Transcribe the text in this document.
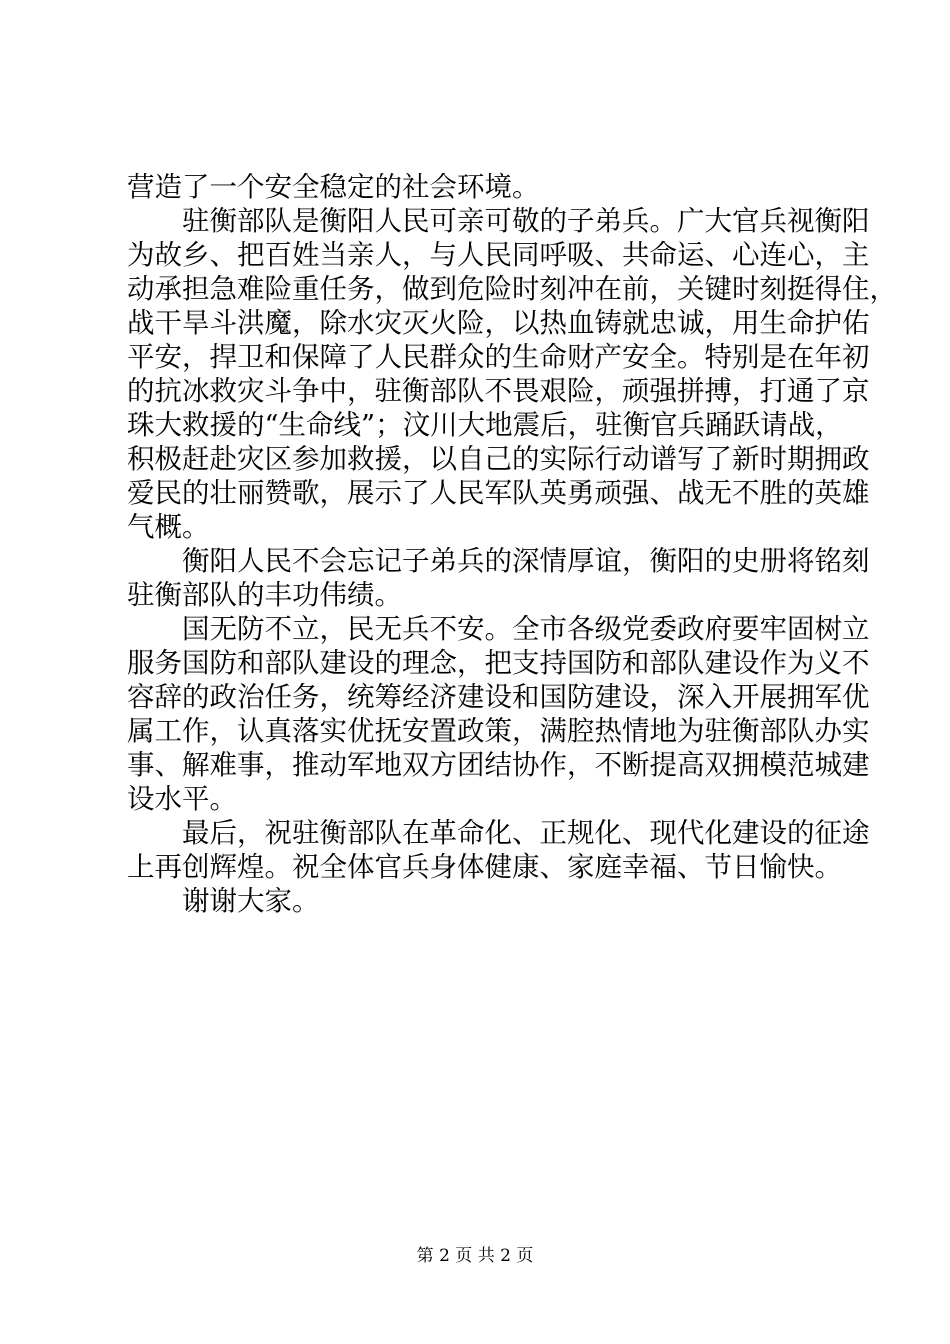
营造了一个安全稳定的社会环境。
　　驻衡部队是衡阳人民可亲可敬的子弟兵。广大官兵视衡阳
为故乡、把百姓当亲人，与人民同呼吸、共命运、心连心，主
动承担急难险重任务，做到危险时刻冲在前，关键时刻挺得住，
战干旱斗洪魔，除水灾灭火险，以热血铸就忠诚，用生命护佑
平安，捍卫和保障了人民群众的生命财产安全。特别是在年初
的抗冰救灾斗争中，驻衡部队不畏艰险，顽强拼搏，打通了京
珠大救援的“生命线”；汶川大地震后，驻衡官兵踊跃请战，
积极赶赴灾区参加救援，以自己的实际行动谱写了新时期拥政
爱民的壮丽赞歌，展示了人民军队英勇顽强、战无不胜的英雄
气概。
　　衡阳人民不会忘记子弟兵的深情厚谊，衡阳的史册将铭刻
驻衡部队的丰功伟绩。
　　国无防不立，民无兵不安。全市各级党委政府要牢固树立
服务国防和部队建设的理念，把支持国防和部队建设作为义不
容辞的政治任务，统筹经济建设和国防建设，深入开展拥军优
属工作，认真落实优抚安置政策，满腔热情地为驻衡部队办实
事、解难事，推动军地双方团结协作，不断提高双拥模范城建
设水平。
　　最后，祝驻衡部队在革命化、正规化、现代化建设的征途
上再创辉煌。祝全体官兵身体健康、家庭幸福、节日愉快。
　　谢谢大家。
第 2 页 共 2 页
